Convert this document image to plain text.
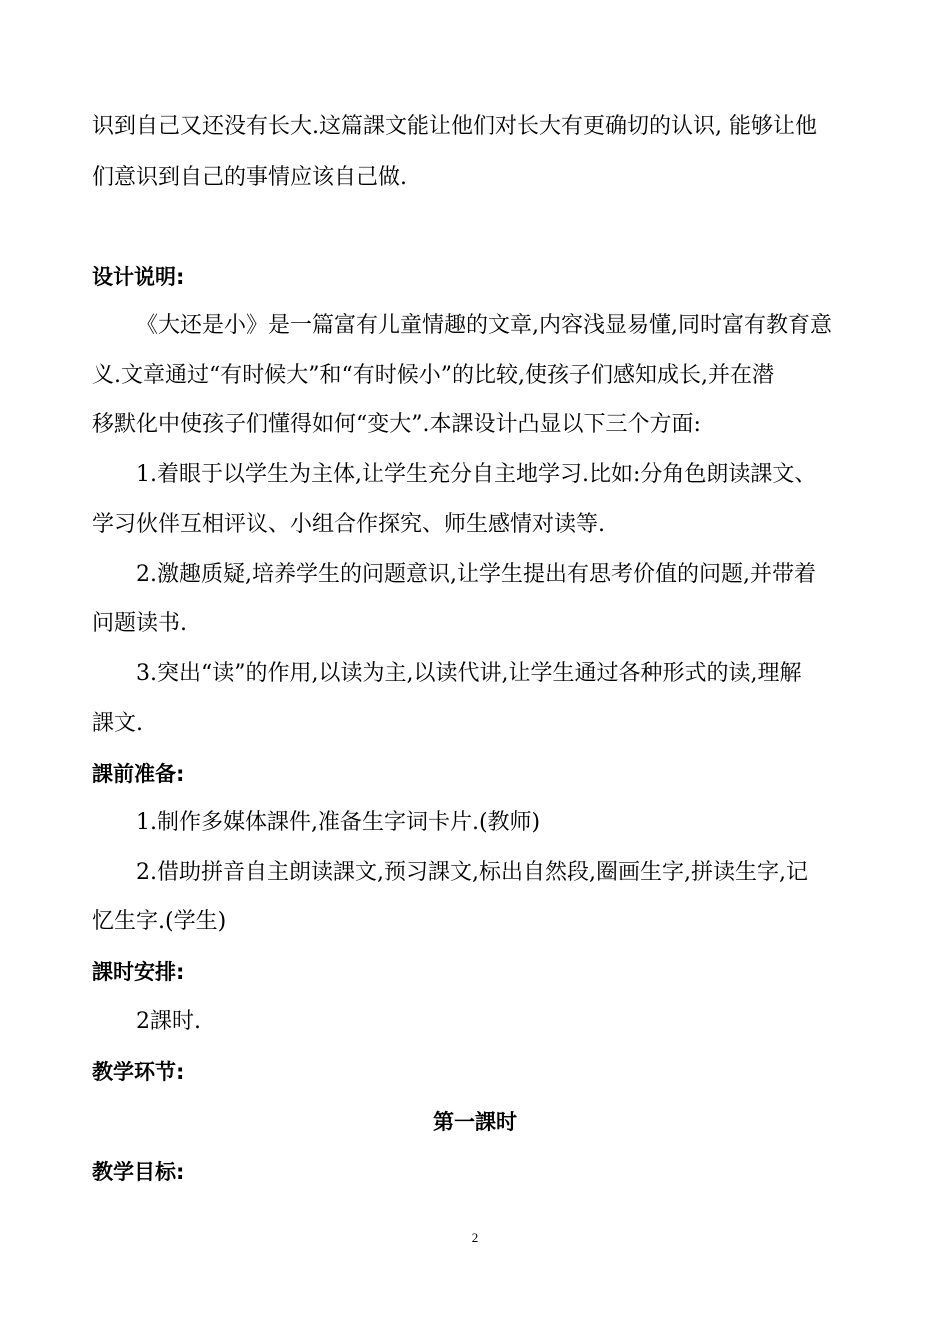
识到自己又还没有长大.这篇課文能让他们对长大有更确切的认识, 能够让他
们意识到自己的事情应该自己做.
设计说明:
《大还是小》是一篇富有儿童情趣的文章,内容浅显易懂,同时富有教育意
义.文章通过“有时候大”和“有时候小”的比较,使孩子们感知成长,并在潜
移默化中使孩子们懂得如何“变大”.本課设计凸显以下三个方面:
1.着眼于以学生为主体,让学生充分自主地学习.比如:分角色朗读課文、
学习伙伴互相评议、小组合作探究、师生感情对读等.
2.激趣质疑,培养学生的问题意识,让学生提出有思考价值的问题,并带着
问题读书.
3.突出“读”的作用,以读为主,以读代讲,让学生通过各种形式的读,理解
課文.
課前准备:
1.制作多媒体課件,准备生字词卡片.(教师)
2.借助拼音自主朗读課文,预习課文,标出自然段,圈画生字,拼读生字,记
忆生字.(学生)
課时安排:
2課时.
教学环节:
第一課时
教学目标:
2
